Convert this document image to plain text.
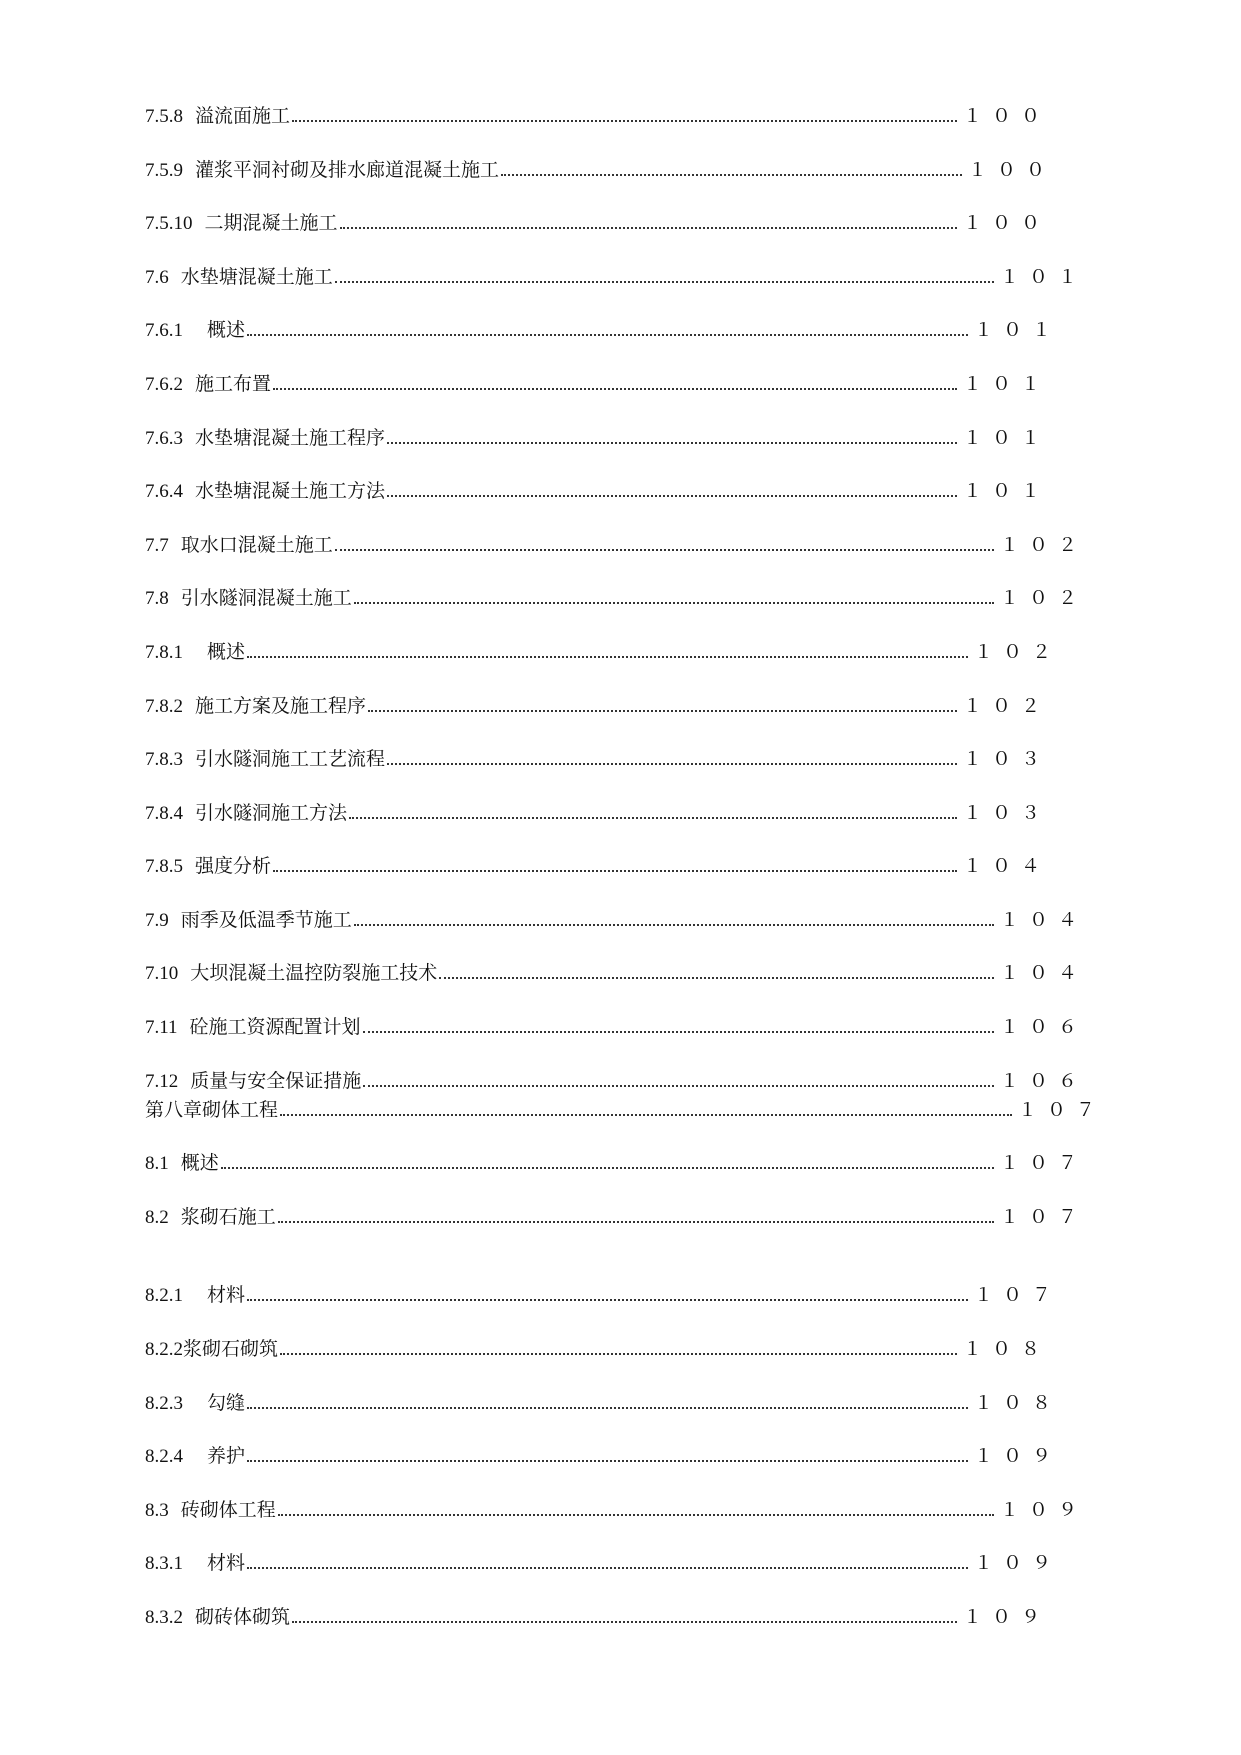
7.5.8 溢流面施工	１００
7.5.9 灌浆平洞衬砌及排水廊道混凝土施工	１００
7.5.10 二期混凝土施工	１００
7.6 水垫塘混凝土施工	１０１
7.6.1 概述	１０１
7.6.2 施工布置	１０１
7.6.3 水垫塘混凝土施工程序	１０１
7.6.4 水垫塘混凝土施工方法	１０１
7.7 取水口混凝土施工	１０２
7.8 引水隧洞混凝土施工	１０２
7.8.1 概述	１０２
7.8.2 施工方案及施工程序	１０２
7.8.3 引水隧洞施工工艺流程	１０３
7.8.4 引水隧洞施工方法	１０３
7.8.5 强度分析	１０４
7.9 雨季及低温季节施工	１０４
7.10 大坝混凝土温控防裂施工技术	１０４
7.11 砼施工资源配置计划	１０６
7.12 质量与安全保证措施	１０６
第八章砌体工程	１０７
8.1 概述	１０７
8.2 浆砌石施工	１０７
8.2.1 材料	１０７
8.2.2 浆砌石砌筑	１０８
8.2.3 勾缝	１０８
8.2.4 养护	１０９
8.3 砖砌体工程	１０９
8.3.1 材料	１０９
8.3.2 砌砖体砌筑	１０９
